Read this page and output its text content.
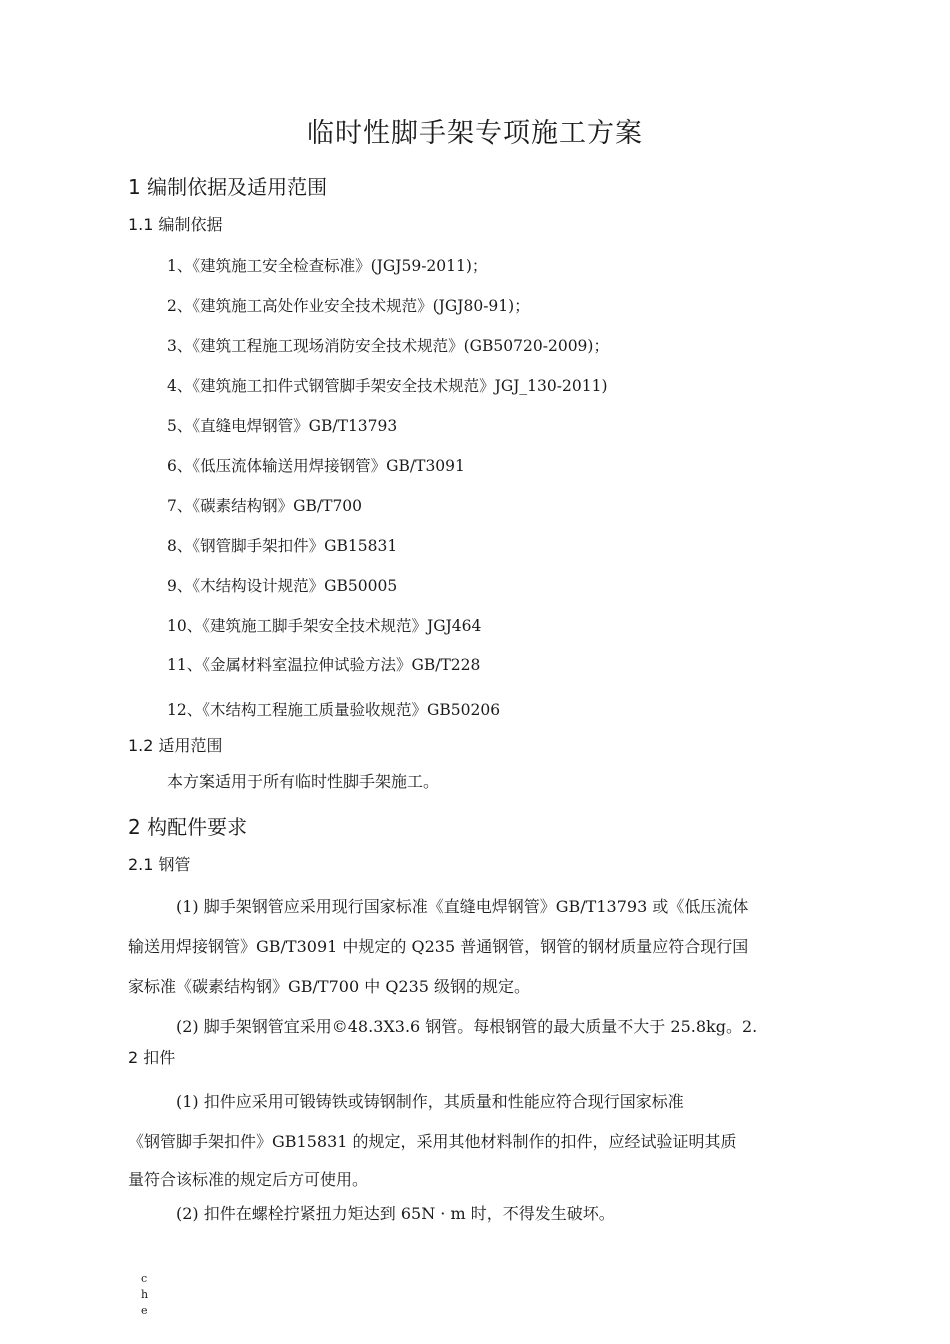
临时性脚手架专项施工方案
1 编制依据及适用范围
1.1 编制依据
1、《建筑施工安全检查标准》(JGJ59-2011)；
2、《建筑施工高处作业安全技术规范》(JGJ80-91)；
3、《建筑工程施工现场消防安全技术规范》(GB50720-2009)；
4、《建筑施工扣件式钢管脚手架安全技术规范》JGJ_130-2011)
5、《直缝电焊钢管》GB/T13793
6、《低压流体输送用焊接钢管》GB/T3091
7、《碳素结构钢》GB/T700
8、《钢管脚手架扣件》GB15831
9、《木结构设计规范》GB50005
10、《建筑施工脚手架安全技术规范》JGJ464
11、《金属材料室温拉伸试验方法》GB/T228
12、《木结构工程施工质量验收规范》GB50206
1.2 适用范围

本方案适用于所有临时性脚手架施工。

2 构配件要求
2.1 钢管

(1) 脚手架钢管应采用现行国家标准《直缝电焊钢管》GB/T13793 或《低压流体

输送用焊接钢管》GB/T3091 中规定的 Q235 普通钢管，钢管的钢材质量应符合现行国

家标准《碳素结构钢》GB/T700 中 Q235 级钢的规定。

(2) 脚手架钢管宜采用©48.3X3.6 钢管。每根钢管的最大质量不大于 25.8kg。2.

2 扣件

(1) 扣件应采用可锻铸铁或铸钢制作，其质量和性能应符合现行国家标准

《钢管脚手架扣件》GB15831 的规定，采用其他材料制作的扣件，应经试验证明其质

量符合该标准的规定后方可使用。

(2) 扣件在螺栓拧紧扭力矩达到 65N · m 时，不得发生破坏。

che
